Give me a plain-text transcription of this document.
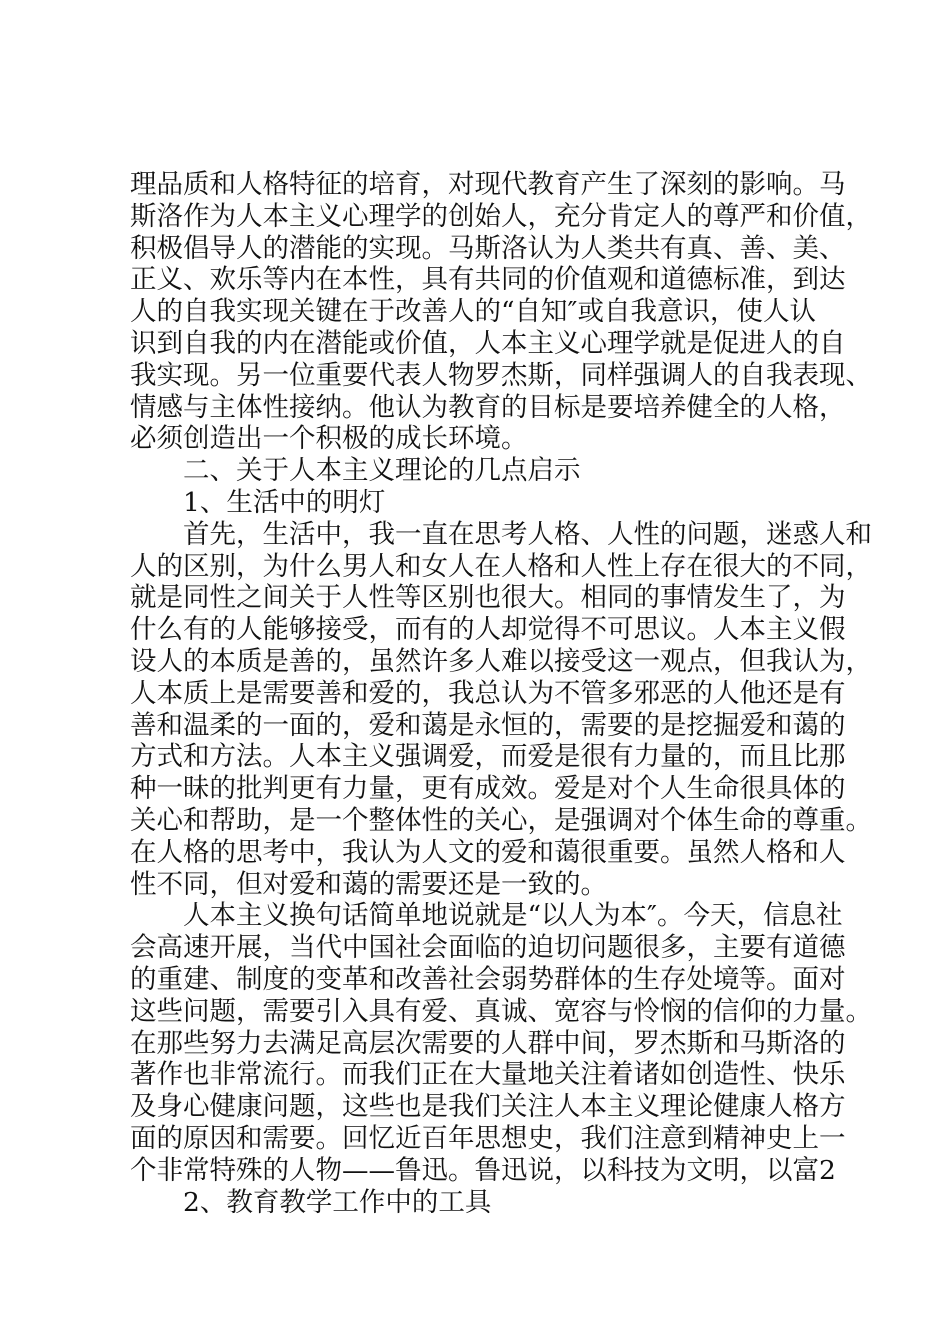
理品质和人格特征的培育，对现代教育产生了深刻的影响。马
斯洛作为人本主义心理学的创始人，充分肯定人的尊严和价值，
积极倡导人的潜能的实现。马斯洛认为人类共有真、善、美、
正义、欢乐等内在本性，具有共同的价值观和道德标准，到达
人的自我实现关键在于改善人的“自知″或自我意识，使人认
识到自我的内在潜能或价值，人本主义心理学就是促进人的自
我实现。另一位重要代表人物罗杰斯，同样强调人的自我表现、
情感与主体性接纳。他认为教育的目标是要培养健全的人格，
必须创造出一个积极的成长环境。
二、关于人本主义理论的几点启示
1、生活中的明灯
首先，生活中，我一直在思考人格、人性的问题，迷惑人和
人的区别，为什么男人和女人在人格和人性上存在很大的不同，
就是同性之间关于人性等区别也很大。相同的事情发生了，为
什么有的人能够接受，而有的人却觉得不可思议。人本主义假
设人的本质是善的，虽然许多人难以接受这一观点，但我认为，
人本质上是需要善和爱的，我总认为不管多邪恶的人他还是有
善和温柔的一面的，爱和蔼是永恒的，需要的是挖掘爱和蔼的
方式和方法。人本主义强调爱，而爱是很有力量的，而且比那
种一昧的批判更有力量，更有成效。爱是对个人生命很具体的
关心和帮助，是一个整体性的关心，是强调对个体生命的尊重。
在人格的思考中，我认为人文的爱和蔼很重要。虽然人格和人
性不同，但对爱和蔼的需要还是一致的。
人本主义换句话简单地说就是“以人为本″。今天，信息社
会高速开展，当代中国社会面临的迫切问题很多，主要有道德
的重建、制度的变革和改善社会弱势群体的生存处境等。面对
这些问题，需要引入具有爱、真诚、宽容与怜悯的信仰的力量。
在那些努力去满足高层次需要的人群中间，罗杰斯和马斯洛的
著作也非常流行。而我们正在大量地关注着诸如创造性、快乐
及身心健康问题，这些也是我们关注人本主义理论健康人格方
面的原因和需要。回忆近百年思想史，我们注意到精神史上一
个非常特殊的人物——鲁迅。鲁迅说，以科技为文明，以富2
2、教育教学工作中的工具
